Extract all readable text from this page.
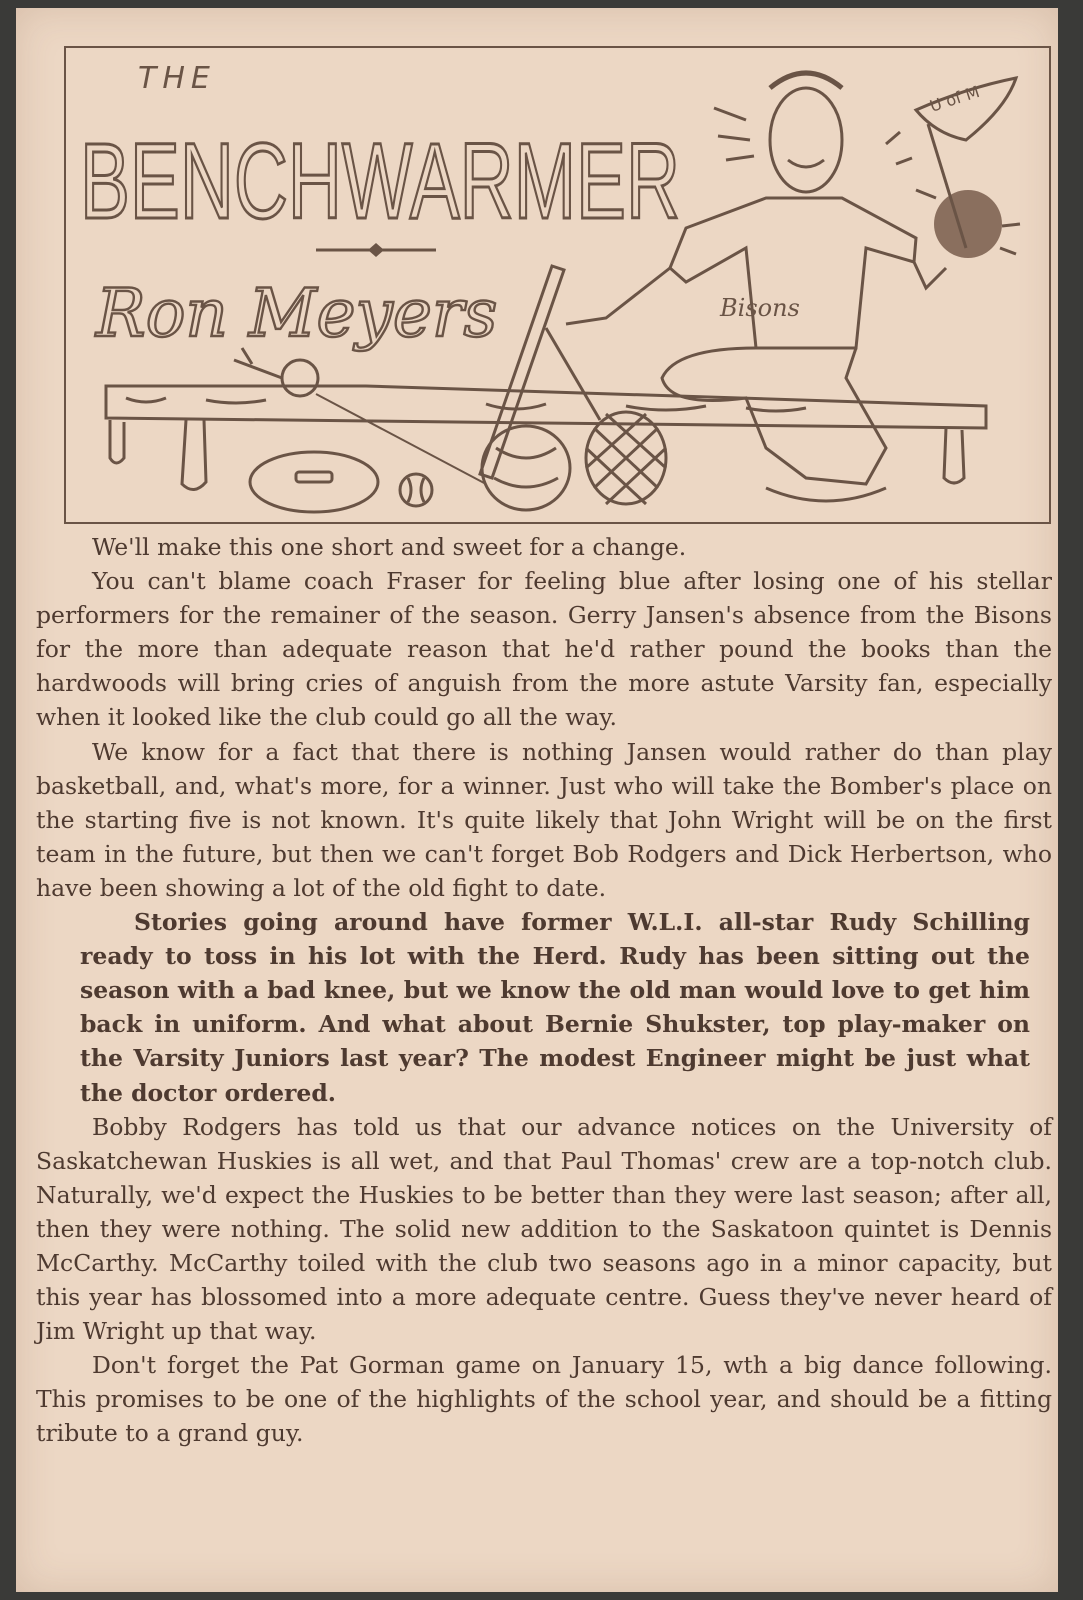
THE
BENCHWARMER
Ron Meyers	Bisons
U of M

We'll make this one short and sweet for a change.

You can't blame coach Fraser for feeling blue after losing one of his stellar performers for the remainer of the season. Gerry Jansen's absence from the Bisons for the more than adequate reason that he'd rather pound the books than the hardwoods will bring cries of anguish from the more astute Varsity fan, especially when it looked like the club could go all the way.

We know for a fact that there is nothing Jansen would rather do than play basketball, and, what's more, for a winner. Just who will take the Bomber's place on the starting five is not known. It's quite likely that John Wright will be on the first team in the future, but then we can't forget Bob Rodgers and Dick Herbertson, who have been showing a lot of the old fight to date.

Stories going around have former W.L.I. all-star Rudy Schilling ready to toss in his lot with the Herd. Rudy has been sitting out the season with a bad knee, but we know the old man would love to get him back in uniform. And what about Bernie Shukster, top play-maker on the Varsity Juniors last year? The modest Engineer might be just what the doctor ordered.

Bobby Rodgers has told us that our advance notices on the University of Saskatchewan Huskies is all wet, and that Paul Thomas' crew are a top-notch club. Naturally, we'd expect the Huskies to be better than they were last season; after all, then they were nothing. The solid new addition to the Saskatoon quintet is Dennis McCarthy. McCarthy toiled with the club two seasons ago in a minor capacity, but this year has blossomed into a more adequate centre. Guess they've never heard of Jim Wright up that way.

Don't forget the Pat Gorman game on January 15, wth a big dance following. This promises to be one of the highlights of the school year, and should be a fitting tribute to a grand guy.
